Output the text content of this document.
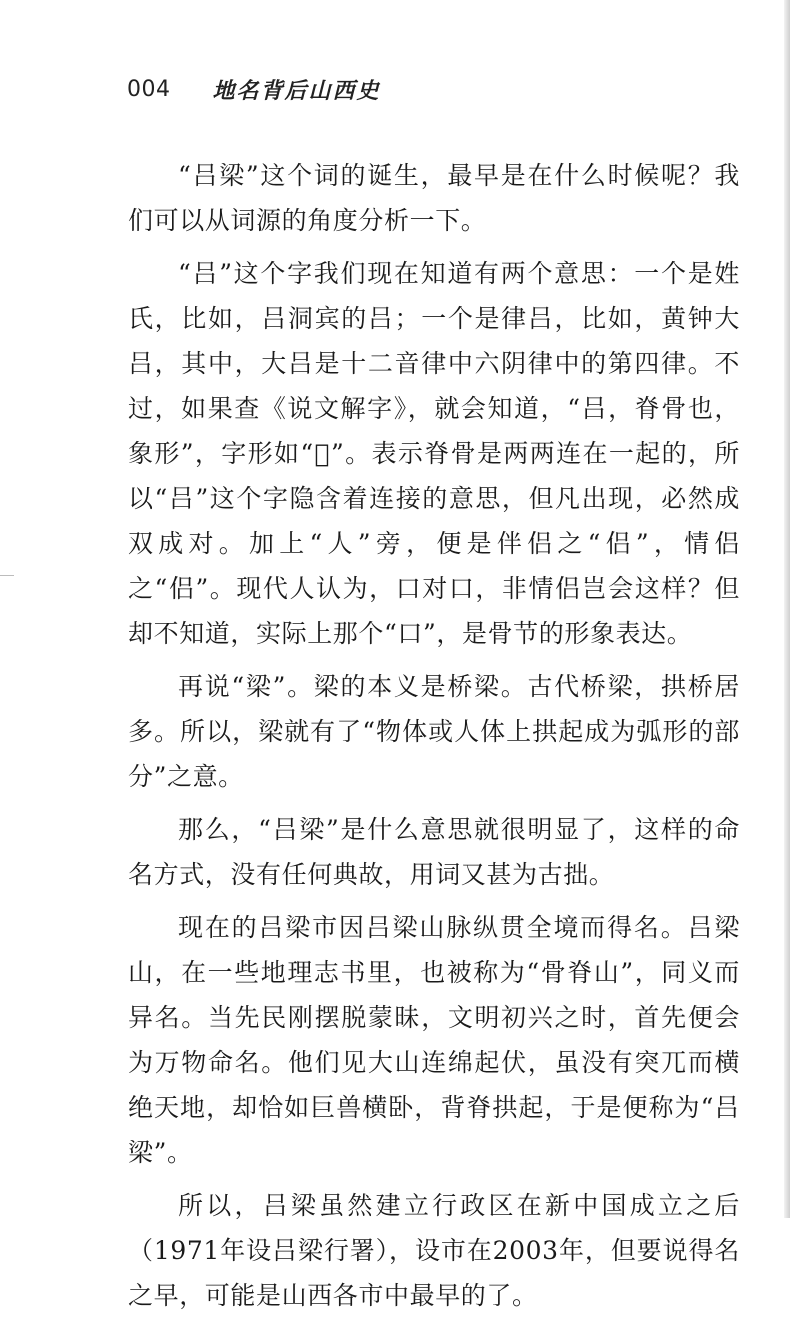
004 地名背后山西史

“吕梁”这个词的诞生，最早是在什么时候呢？我们可以从词源的角度分析一下。

“吕”这个字我们现在知道有两个意思：一个是姓氏，比如，吕洞宾的吕；一个是律吕，比如，黄钟大吕，其中，大吕是十二音律中六阴律中的第四律。不过，如果查《说文解字》，就会知道，“吕，脊骨也，象形”，字形如“𠩓”。表示脊骨是两两连在一起的，所以“吕”这个字隐含着连接的意思，但凡出现，必然成双成对。加上“人”旁，便是伴侣之“侣”，情侣之“侣”。现代人认为，口对口，非情侣岂会这样？但却不知道，实际上那个“口”，是骨节的形象表达。

再说“梁”。梁的本义是桥梁。古代桥梁，拱桥居多。所以，梁就有了“物体或人体上拱起成为弧形的部分”之意。

那么，“吕梁”是什么意思就很明显了，这样的命名方式，没有任何典故，用词又甚为古拙。

现在的吕梁市因吕梁山脉纵贯全境而得名。吕梁山，在一些地理志书里，也被称为“骨脊山”，同义而异名。当先民刚摆脱蒙昧，文明初兴之时，首先便会为万物命名。他们见大山连绵起伏，虽没有突兀而横绝天地，却恰如巨兽横卧，背脊拱起，于是便称为“吕梁”。

所以，吕梁虽然建立行政区在新中国成立之后（1971年设吕梁行署），设市在2003年，但要说得名之早，可能是山西各市中最早的了。
